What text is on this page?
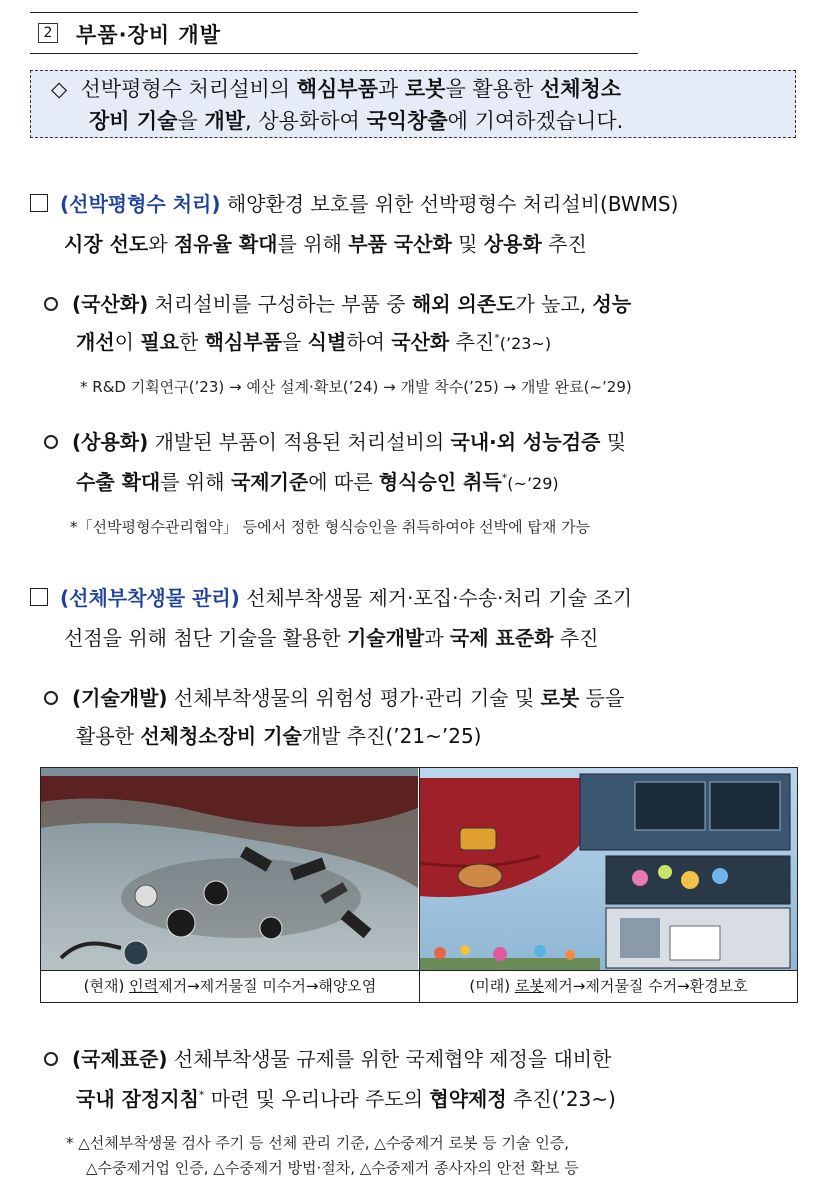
2 부품·장비 개발
◇ 선박평형수 처리설비의 핵심부품과 로봇을 활용한 선체청소
장비 기술을 개발, 상용화하여 국익창출에 기여하겠습니다.
(선박평형수 처리) 해양환경 보호를 위한 선박평형수 처리설비(BWMS)
시장 선도와 점유율 확대를 위해 부품 국산화 및 상용화 추진
(국산화) 처리설비를 구성하는 부품 중 해외 의존도가 높고, 성능
개선이 필요한 핵심부품을 식별하여 국산화 추진*(’23~)
* R&D 기획연구(’23) → 예산 설계·확보(’24) → 개발 착수(’25) → 개발 완료(~’29)
(상용화) 개발된 부품이 적용된 처리설비의 국내·외 성능검증 및
수출 확대를 위해 국제기준에 따른 형식승인 취득*(~’29)
*「선박평형수관리협약」 등에서 정한 형식승인을 취득하여야 선박에 탑재 가능
(선체부착생물 관리) 선체부착생물 제거·포집·수송·처리 기술 조기
선점을 위해 첨단 기술을 활용한 기술개발과 국제 표준화 추진
(기술개발) 선체부착생물의 위험성 평가·관리 기술 및 로봇 등을
활용한 선체청소장비 기술개발 추진(’21~’25)
(현재) 인력제거→제거물질 미수거→해양오염	(미래) 로봇제거→제거물질 수거→환경보호
(국제표준) 선체부착생물 규제를 위한 국제협약 제정을 대비한
국내 잠정지침* 마련 및 우리나라 주도의 협약제정 추진(’23~)
* △선체부착생물 검사 주기 등 선체 관리 기준, △수중제거 로봇 등 기술 인증,
△수중제거업 인증, △수중제거 방법·절차, △수중제거 종사자의 안전 확보 등
